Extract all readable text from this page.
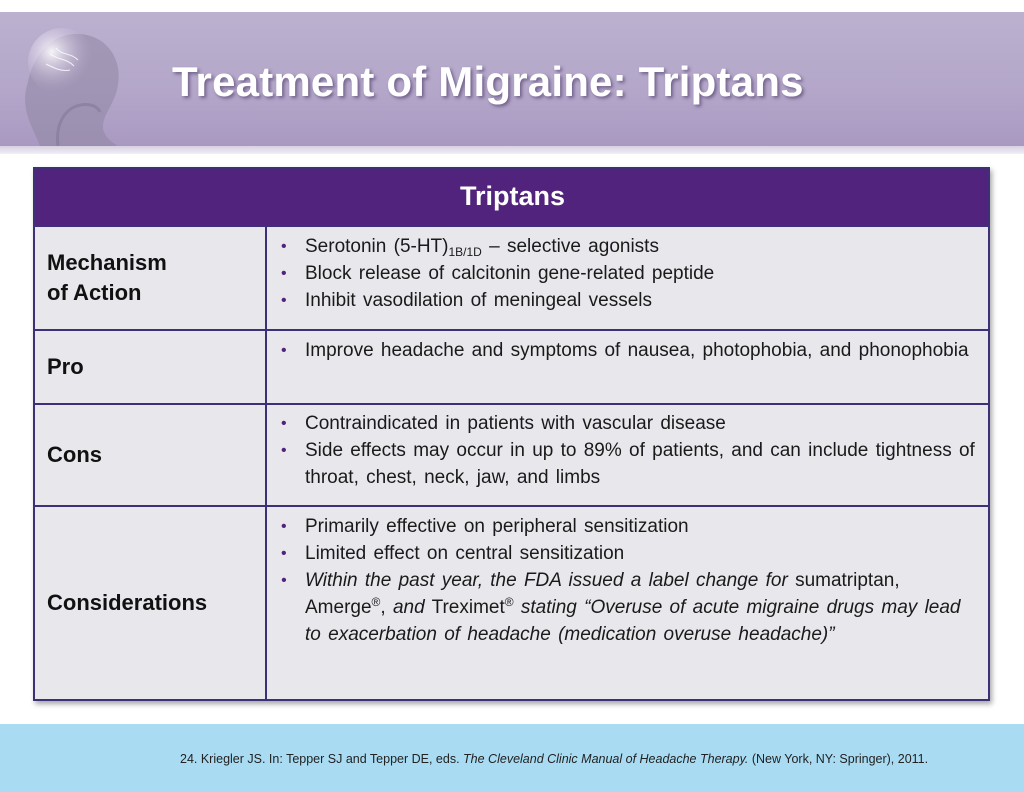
Treatment of Migraine: Triptans
Triptans
Mechanism
of Action
• Serotonin $(5-HT)_{1B/1D}$ – selective agonists
• Block release of calcitonin gene-related peptide
• Inhibit vasodilation of meningeal vessels
Pro
• Improve headache and symptoms of nausea, photophobia, and phonophobia
Cons
• Contraindicated in patients with vascular disease
• Side effects may occur in up to 89% of patients, and can include tightness of throat, chest, neck, jaw, and limbs
Considerations
• Primarily effective on peripheral sensitization
• Limited effect on central sensitization
• Within the past year, the FDA issued a label change for sumatriptan, Amerge®, and Treximet® stating “Overuse of acute migraine drugs may lead to exacerbation of headache (medication overuse headache)”
24. Kriegler JS. In: Tepper SJ and Tepper DE, eds. The Cleveland Clinic Manual of Headache Therapy. (New York, NY: Springer), 2011.
